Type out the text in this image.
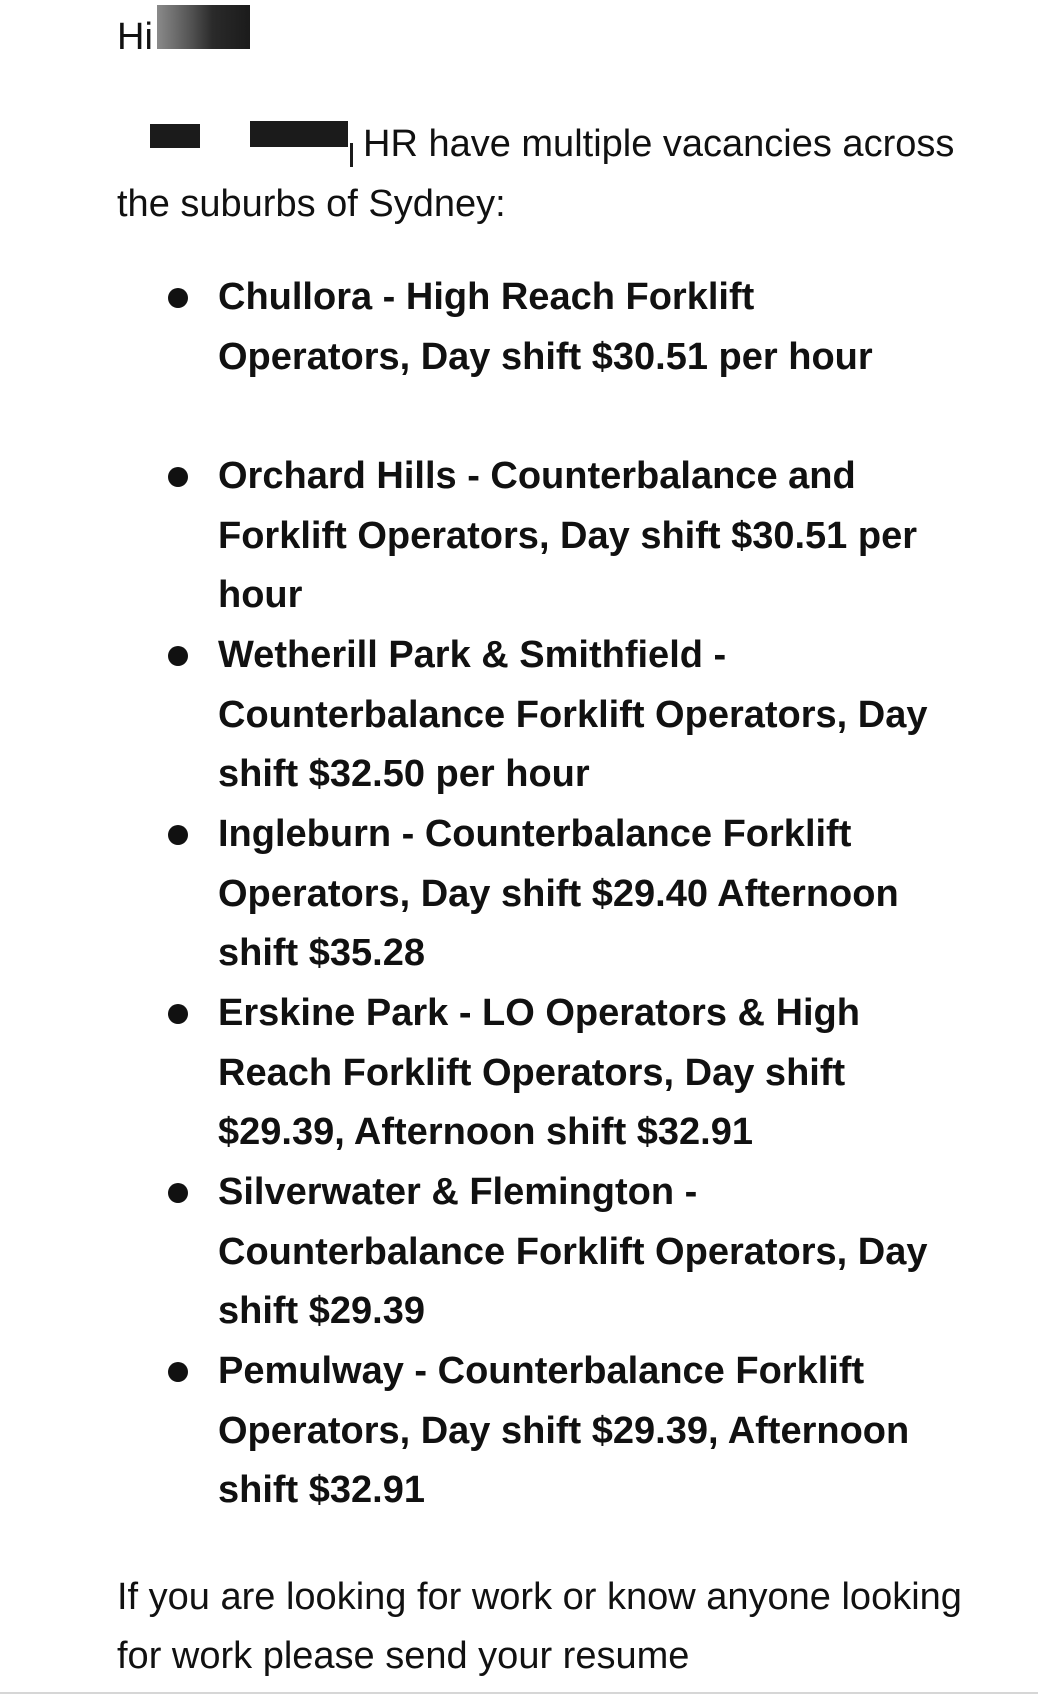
Hi
HR have multiple vacancies across the suburbs of Sydney:
Chullora - High Reach Forklift Operators, Day shift $30.51 per hour
Orchard Hills - Counterbalance and Forklift Operators, Day shift $30.51 per hour
Wetherill Park & Smithfield - Counterbalance Forklift Operators, Day shift $32.50 per hour
Ingleburn - Counterbalance Forklift Operators, Day shift $29.40 Afternoon shift $35.28
Erskine Park - LO Operators & High Reach Forklift Operators, Day shift $29.39, Afternoon shift $32.91
Silverwater & Flemington - Counterbalance Forklift Operators, Day shift $29.39
Pemulway - Counterbalance Forklift Operators, Day shift $29.39, Afternoon shift $32.91
If you are looking for work or know anyone looking for work please send your resume
